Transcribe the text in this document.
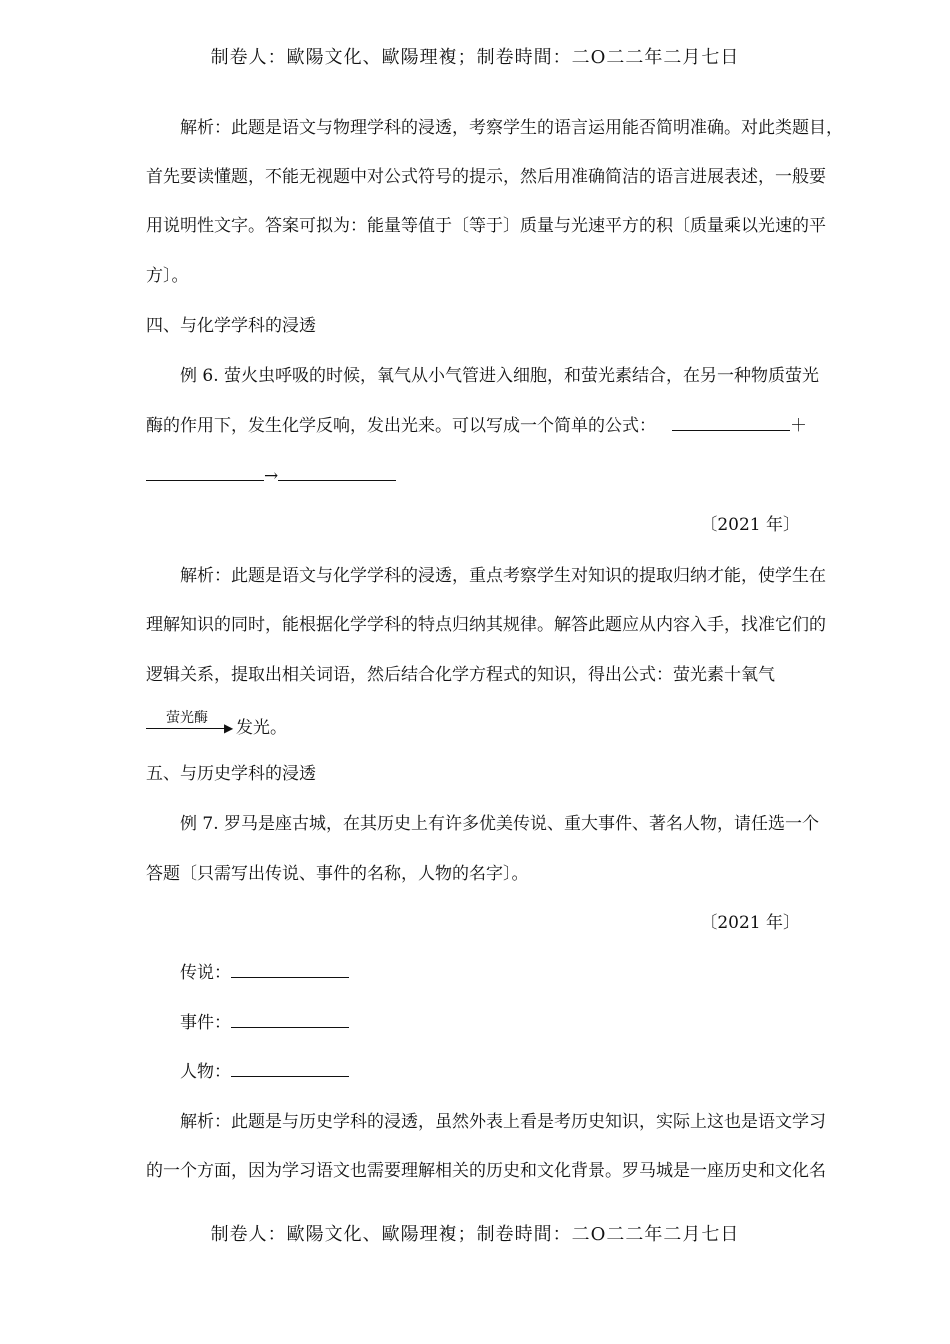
制卷人：歐陽文化、歐陽理複；制卷時間：二O二二年二月七日
解析：此题是语文与物理学科的浸透，考察学生的语言运用能否简明准确。对此类题目，
首先要读懂题，不能无视题中对公式符号的提示，然后用准确简洁的语言进展表述，一般要
用说明性文字。答案可拟为：能量等值于〔等于〕质量与光速平方的积〔质量乘以光速的平
方〕。
四、与化学学科的浸透
例 6. 萤火虫呼吸的时候，氧气从小气管进入细胞，和萤光素结合，在另一种物质萤光
酶的作用下，发生化学反响，发出光来。可以写成一个简单的公式：	＋
→
〔2021 年〕
解析：此题是语文与化学学科的浸透，重点考察学生对知识的提取归纳才能，使学生在
理解知识的同时，能根据化学学科的特点归纳其规律。解答此题应从内容入手，找准它们的
逻辑关系，提取出相关词语，然后结合化学方程式的知识，得出公式：萤光素十氧气
萤光酶
▶ 发光。
五、与历史学科的浸透
例 7. 罗马是座古城，在其历史上有许多优美传说、重大事件、著名人物，请任选一个
答题〔只需写出传说、事件的名称，人物的名字〕。
〔2021 年〕
传说：
事件：
人物：
解析：此题是与历史学科的浸透，虽然外表上看是考历史知识，实际上这也是语文学习
的一个方面，因为学习语文也需要理解相关的历史和文化背景。罗马城是一座历史和文化名
制卷人：歐陽文化、歐陽理複；制卷時間：二O二二年二月七日
